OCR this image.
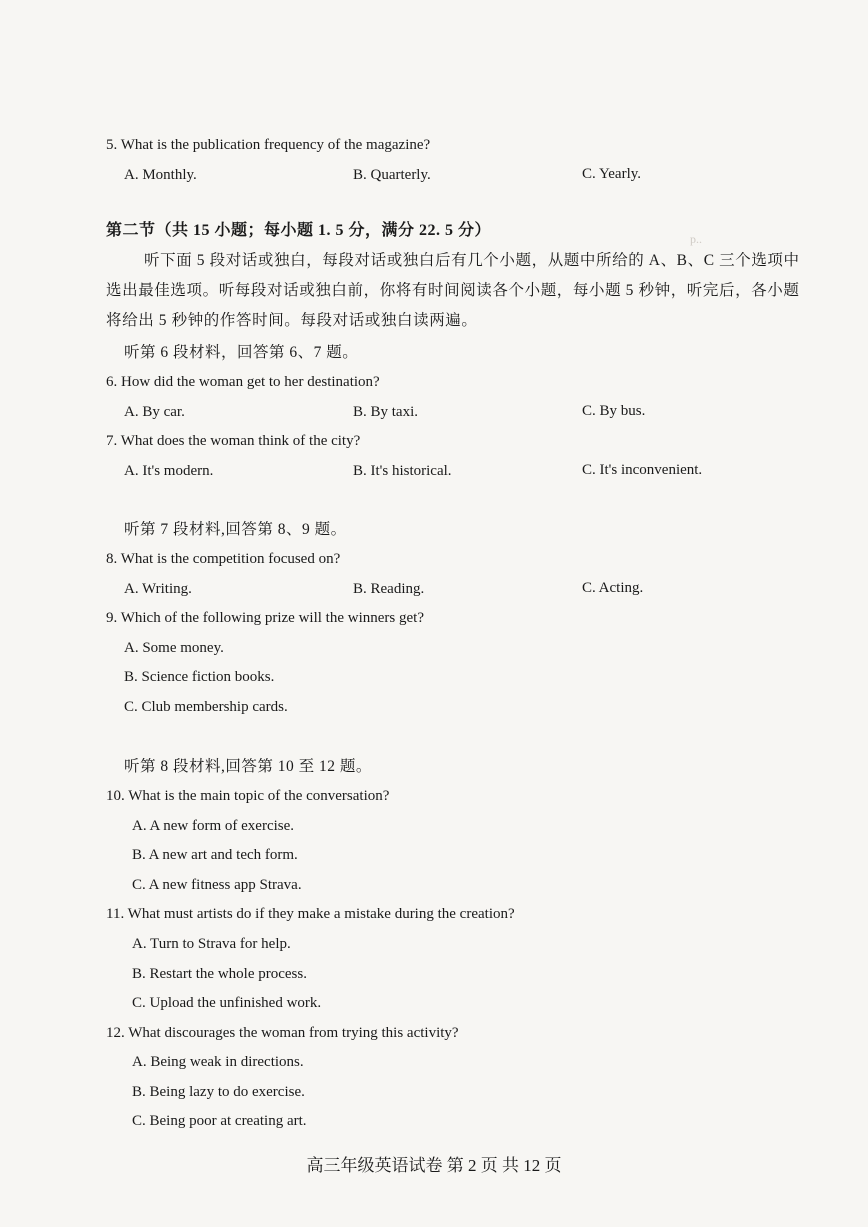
p..
5. What is the publication frequency of the magazine?
A. Monthly.	B. Quarterly.	C. Yearly.
第二节（共 15 小题；每小题 1. 5 分，满分 22. 5 分）
听下面 5 段对话或独白，每段对话或独白后有几个小题，从题中所给的 A、B、C 三个选项中选出最佳选项。听每段对话或独白前，你将有时间阅读各个小题，每小题 5 秒钟，听完后，各小题将给出 5 秒钟的作答时间。每段对话或独白读两遍。
听第 6 段材料，回答第 6、7 题。
6. How did the woman get to her destination?
A. By car.	B. By taxi.	C. By bus.
7. What does the woman think of the city?
A. It's modern.	B. It's historical.	C. It's inconvenient.
听第 7 段材料,回答第 8、9 题。
8. What is the competition focused on?
A. Writing.	B. Reading.	C. Acting.
9. Which of the following prize will the winners get?
A. Some money.
B. Science fiction books.
C. Club membership cards.
听第 8 段材料,回答第 10 至 12 题。
10. What is the main topic of the conversation?
A. A new form of exercise.
B. A new art and tech form.
C. A new fitness app Strava.
11. What must artists do if they make a mistake during the creation?
A. Turn to Strava for help.
B. Restart the whole process.
C. Upload the unfinished work.
12. What discourages the woman from trying this activity?
A. Being weak in directions.
B. Being lazy to do exercise.
C. Being poor at creating art.
高三年级英语试卷 第 2 页 共 12 页
